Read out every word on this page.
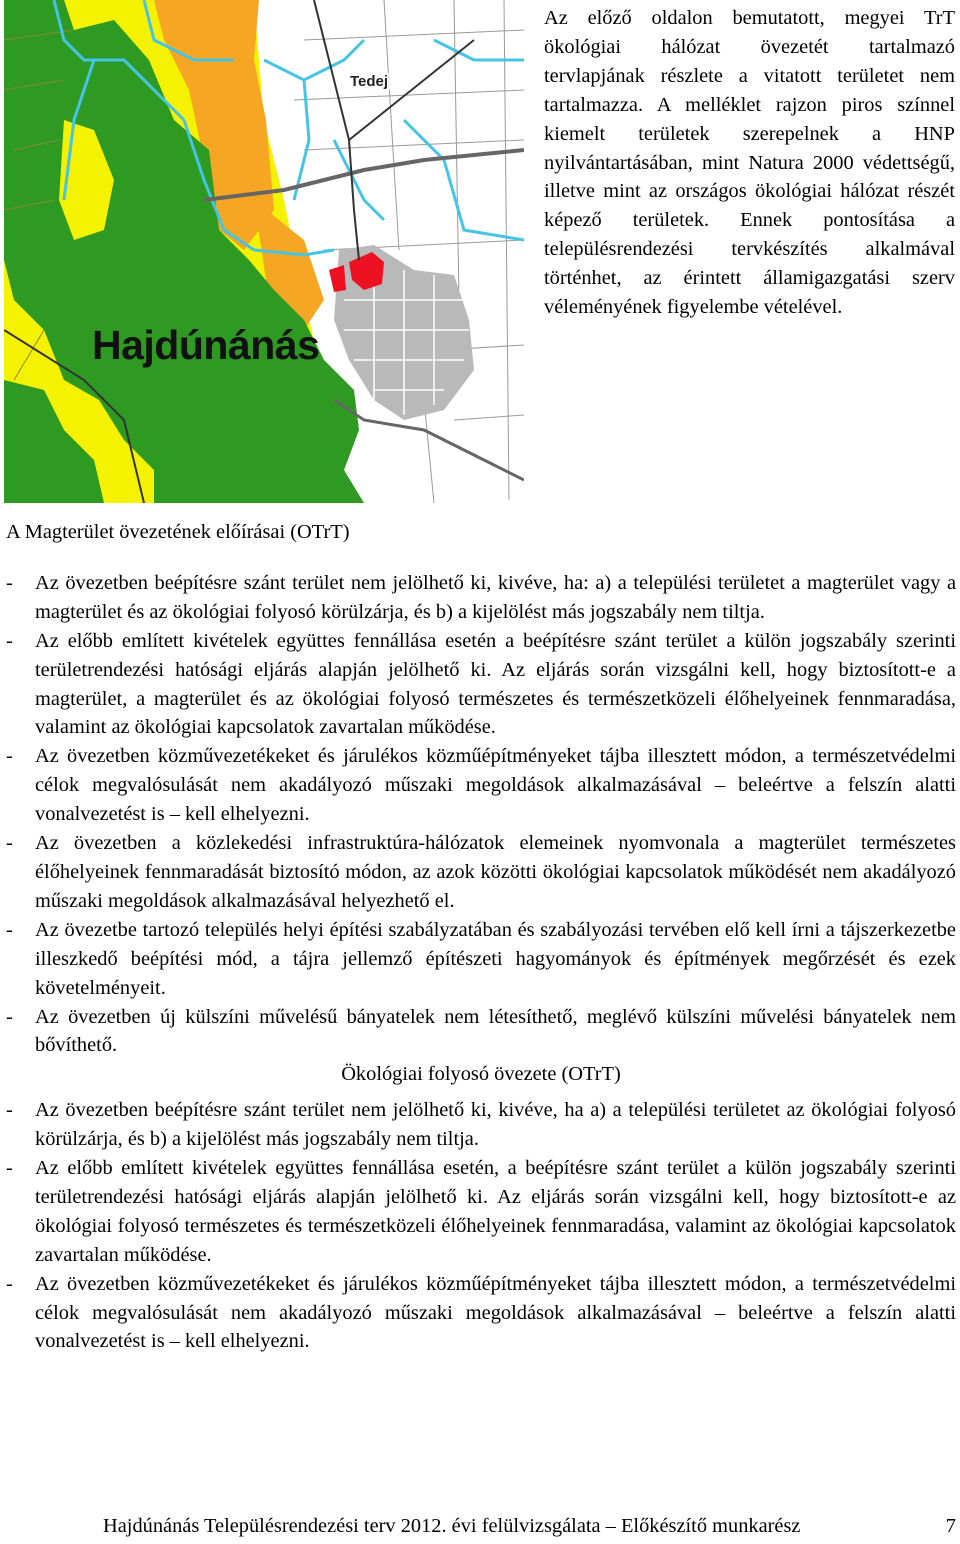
Hajdúnánás
Tedej

Az előző oldalon bemutatott, megyei TrT ökológiai hálózat övezetét tartalmazó tervlapjának részlete a vitatott területet nem tartalmazza. A melléklet rajzon piros színnel kiemelt területek szerepelnek a HNP nyilvántartásában, mint Natura 2000 védettségű, illetve mint az országos ökológiai hálózat részét képező területek. Ennek pontosítása a településrendezési tervkészítés alkalmával történhet, az érintett államigazgatási szerv véleményének figyelembe vételével.

A Magterület övezetének előírásai (OTrT)

- Az övezetben beépítésre szánt terület nem jelölhető ki, kivéve, ha: a) a települési területet a magterület vagy a magterület és az ökológiai folyosó körülzárja, és b) a kijelölést más jogszabály nem tiltja.
- Az előbb említett kivételek együttes fennállása esetén a beépítésre szánt terület a külön jogszabály szerinti területrendezési hatósági eljárás alapján jelölhető ki. Az eljárás során vizsgálni kell, hogy biztosított-e a magterület, a magterület és az ökológiai folyosó természetes és természetközeli élőhelyeinek fennmaradása, valamint az ökológiai kapcsolatok zavartalan működése.
- Az övezetben közművezetékeket és járulékos közműépítményeket tájba illesztett módon, a természetvédelmi célok megvalósulását nem akadályozó műszaki megoldások alkalmazásával – beleértve a felszín alatti vonalvezetést is – kell elhelyezni.
- Az övezetben a közlekedési infrastruktúra-hálózatok elemeinek nyomvonala a magterület természetes élőhelyeinek fennmaradását biztosító módon, az azok közötti ökológiai kapcsolatok működését nem akadályozó műszaki megoldások alkalmazásával helyezhető el.
- Az övezetbe tartozó település helyi építési szabályzatában és szabályozási tervében elő kell írni a tájszerkezetbe illeszkedő beépítési mód, a tájra jellemző építészeti hagyományok és építmények megőrzését és ezek követelményeit.
- Az övezetben új külszíni művelésű bányatelek nem létesíthető, meglévő külszíni művelési bányatelek nem bővíthető.

Ökológiai folyosó övezete (OTrT)

- Az övezetben beépítésre szánt terület nem jelölhető ki, kivéve, ha a) a települési területet az ökológiai folyosó körülzárja, és b) a kijelölést más jogszabály nem tiltja.
- Az előbb említett kivételek együttes fennállása esetén, a beépítésre szánt terület a külön jogszabály szerinti területrendezési hatósági eljárás alapján jelölhető ki. Az eljárás során vizsgálni kell, hogy biztosított-e az ökológiai folyosó természetes és természetközeli élőhelyeinek fennmaradása, valamint az ökológiai kapcsolatok zavartalan működése.
- Az övezetben közművezetékeket és járulékos közműépítményeket tájba illesztett módon, a természetvédelmi célok megvalósulását nem akadályozó műszaki megoldások alkalmazásával – beleértve a felszín alatti vonalvezetést is – kell elhelyezni.
Hajdúnánás Településrendezési terv 2012. évi felülvizsgálata – Előkészítő munkarész	7
